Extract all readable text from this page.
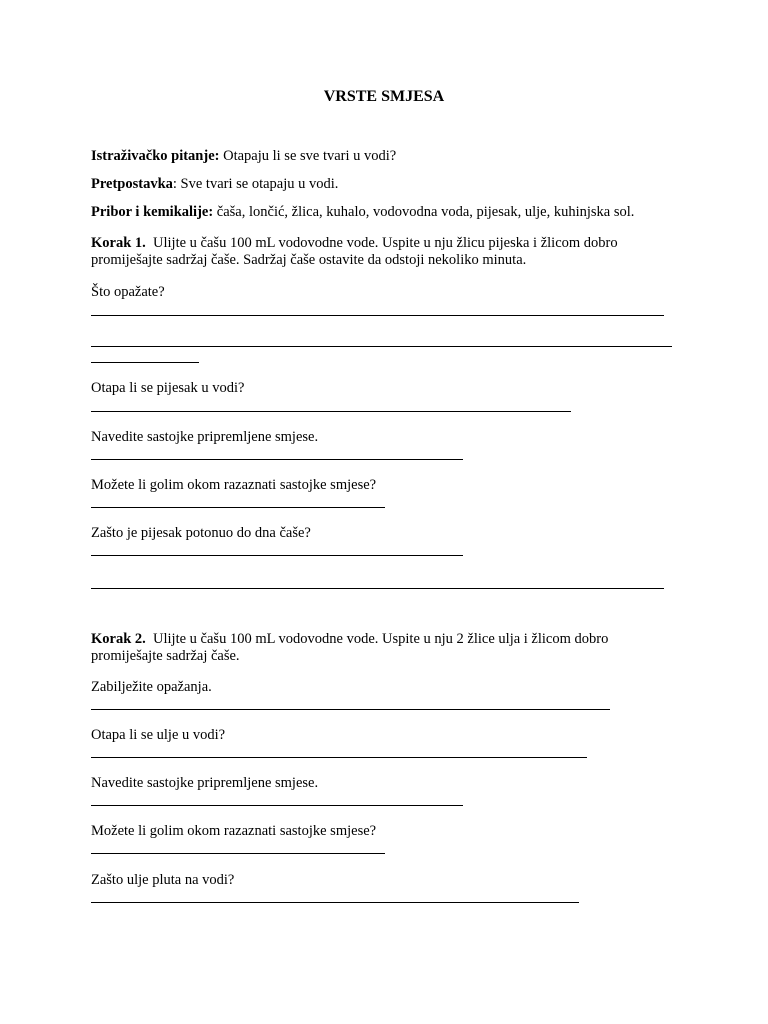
VRSTE SMJESA
Istraživačko pitanje: Otapaju li se sve tvari u vodi?
Pretpostavka: Sve tvari se otapaju u vodi.
Pribor i kemikalije: čaša, lončić, žlica, kuhalo, vodovodna voda, pijesak, ulje, kuhinjska sol.
Korak 1.  Ulijte u čašu 100 mL vodovodne vode. Uspite u nju žlicu pijeska i žlicom dobro
promiješajte sadržaj čaše. Sadržaj čaše ostavite da odstoji nekoliko minuta.
Što opažate?
Otapa li se pijesak u vodi?
Navedite sastojke pripremljene smjese.
Možete li golim okom razaznati sastojke smjese?
Zašto je pijesak potonuo do dna čaše?
Korak 2.  Ulijte u čašu 100 mL vodovodne vode. Uspite u nju 2 žlice ulja i žlicom dobro
promiješajte sadržaj čaše.
Zabilježite opažanja.
Otapa li se ulje u vodi?
Navedite sastojke pripremljene smjese.
Možete li golim okom razaznati sastojke smjese?
Zašto ulje pluta na vodi?
